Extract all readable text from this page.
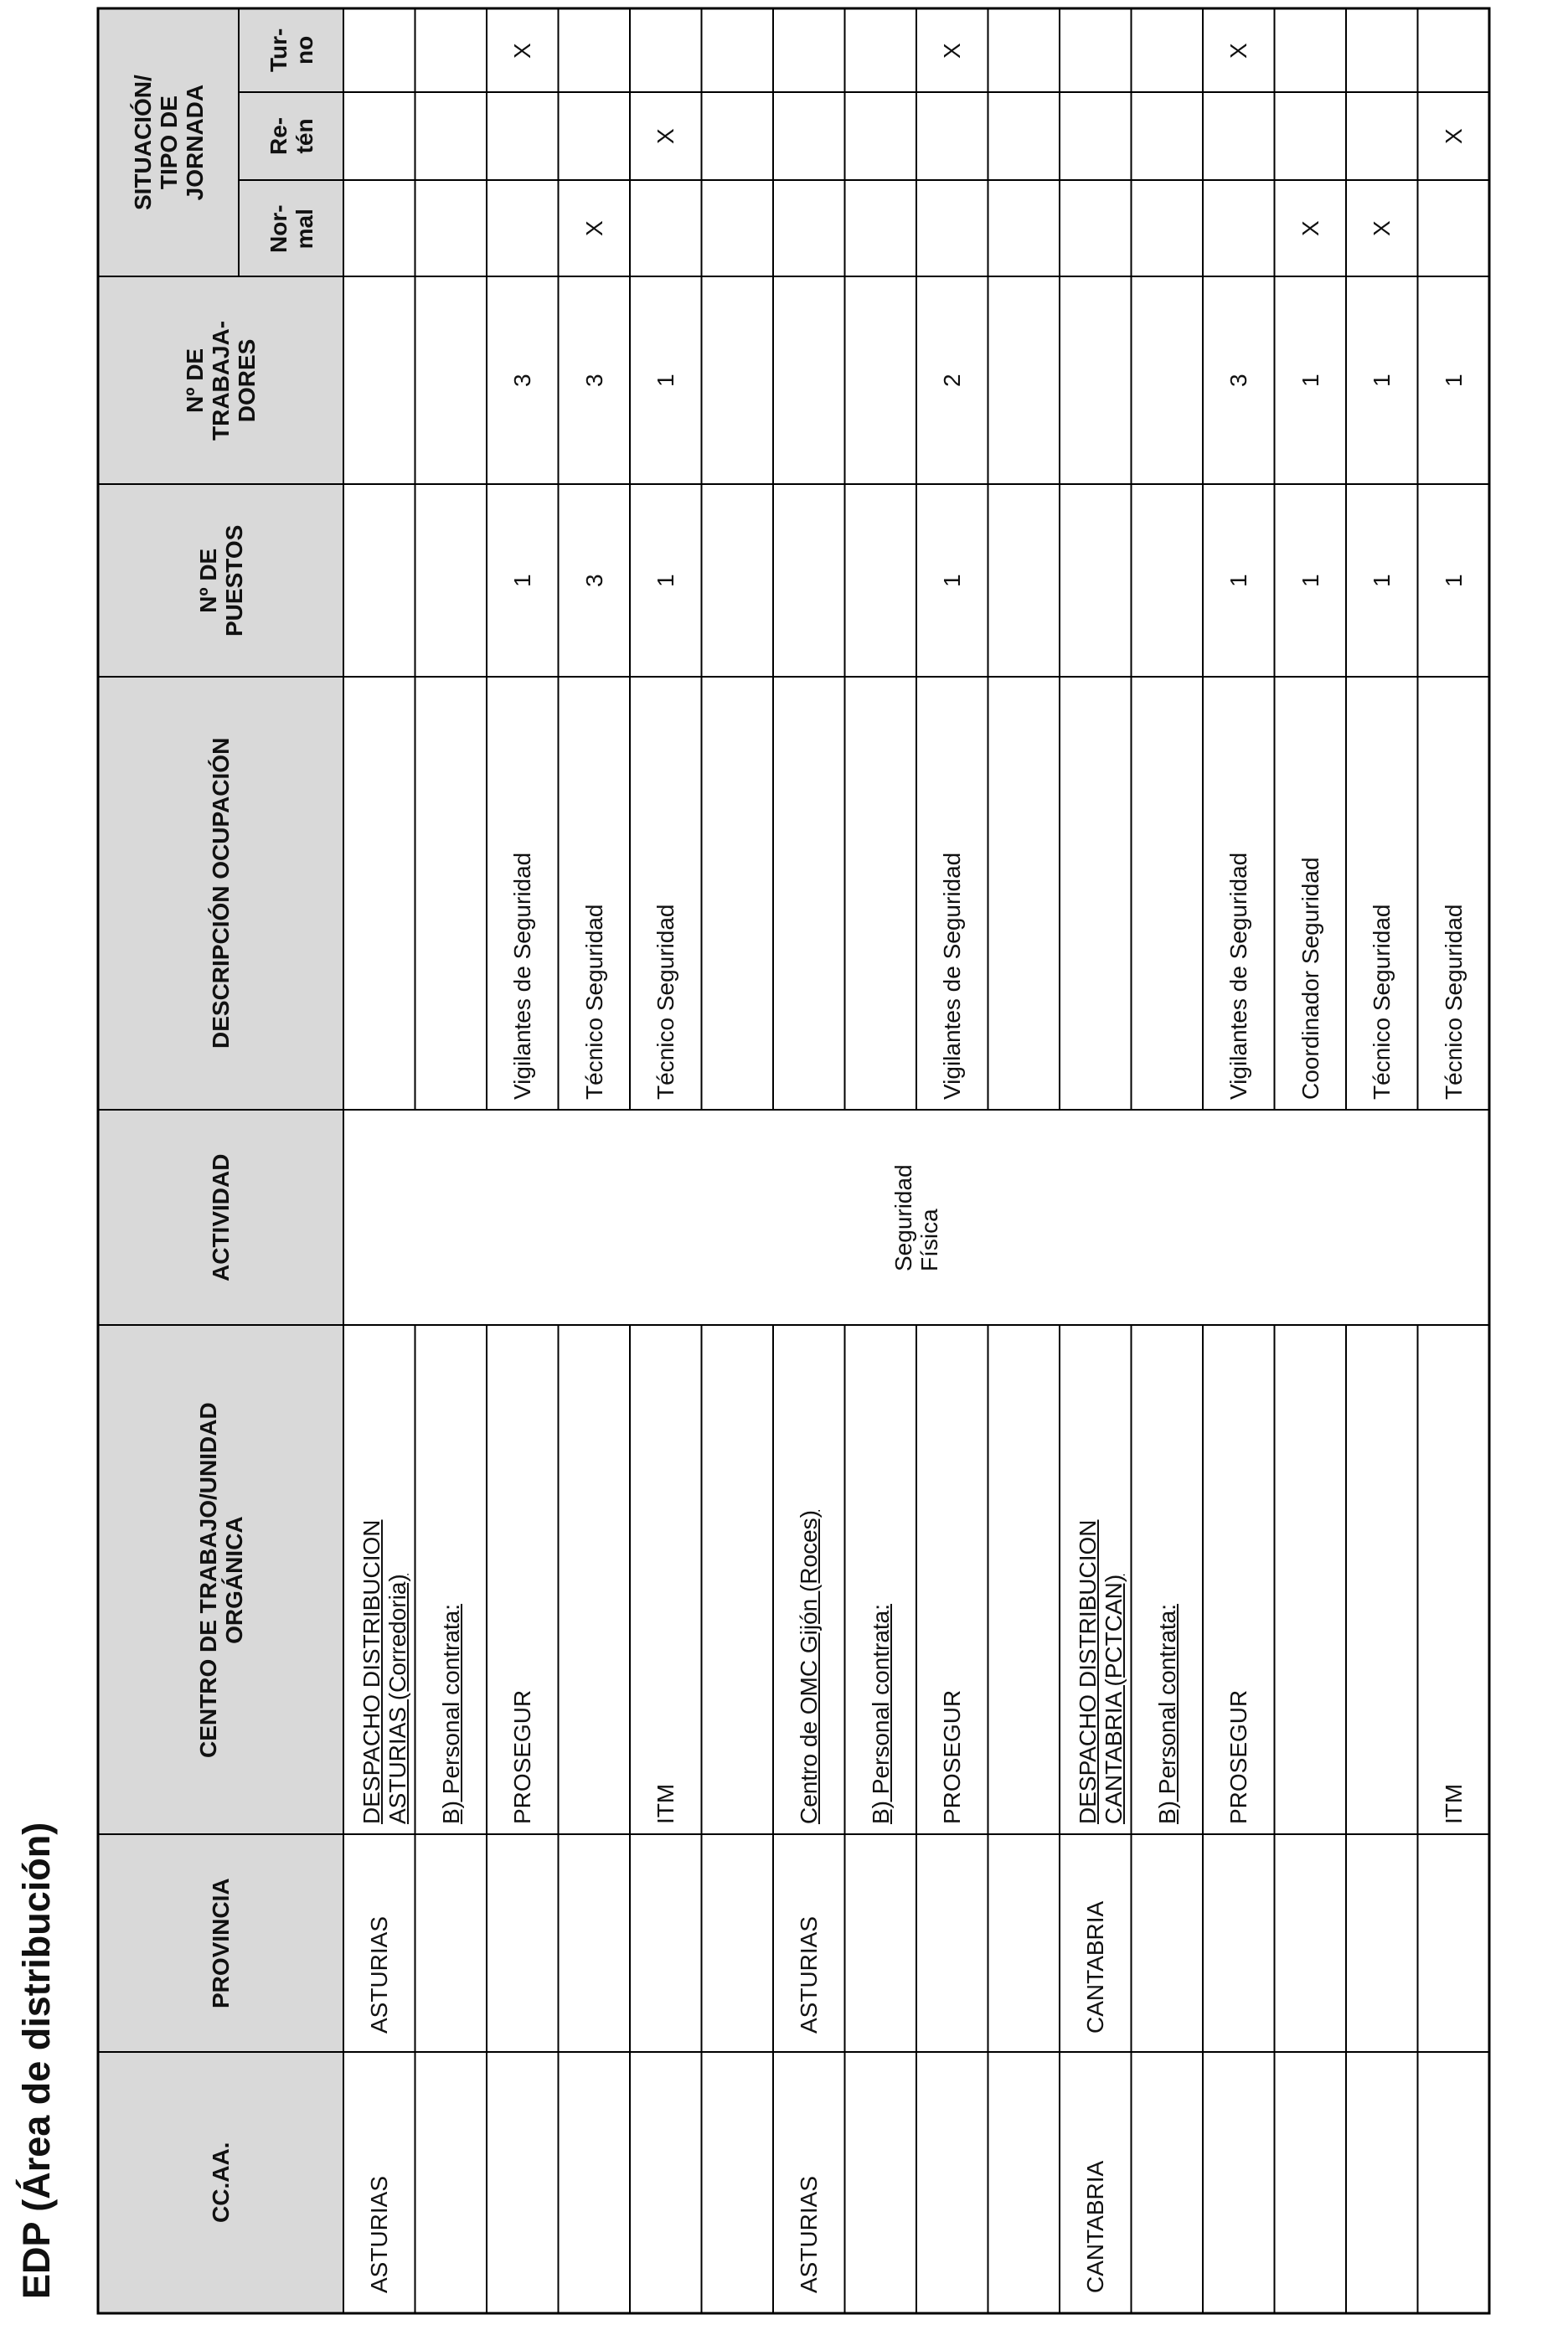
EDP (Área de distribución)	CC.AA.
PROVINCIA
CENTRO DE TRABAJO/UNIDAD ORGÁNICA
ACTIVIDAD
DESCRIPCIÓN OCUPACIÓN
Nº DE PUESTOS
Nº DE TRABAJA- DORES
SITUACIÓN/ TIPO DE JORNADA
Nor- mal
Re- tén
Tur- no
Seguridad Física
ASTURIAS
ASTURIAS
DESPACHO DISTRIBUCION ASTURIAS (Corredoria) B) Personal contrata: PROSEGUR
Vigilantes de Seguridad
1
3
X
Técnico Seguridad
3
3
X
ITM
Técnico Seguridad
1
1
X
ASTURIAS
ASTURIAS
Centro de OMC Gijón (Roces) B) Personal contrata: PROSEGUR
Vigilantes de Seguridad
1
2
X
CANTABRIA
CANTABRIA
DESPACHO DISTRIBUCION CANTABRIA (PCTCAN) B) Personal contrata: PROSEGUR
Vigilantes de Seguridad
1
3
X
Coordinador Seguridad
1
1
X
Técnico Seguridad
1
1
X
ITM
Técnico Seguridad
1
1
X
